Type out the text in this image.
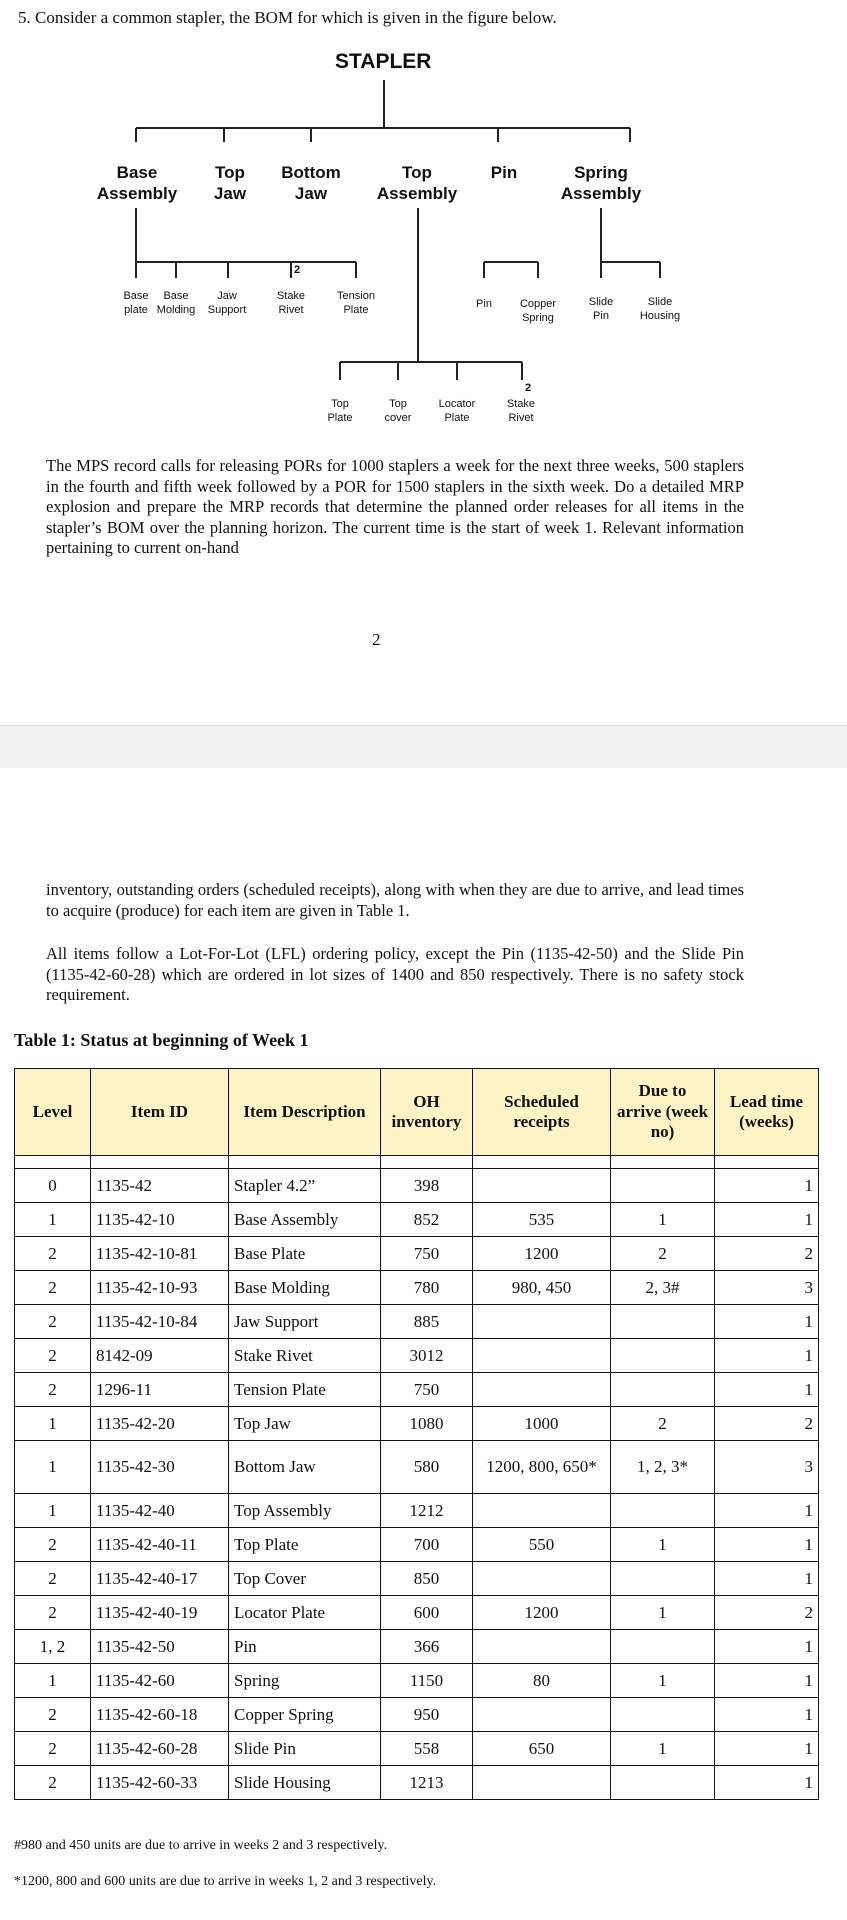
5. Consider a common stapler, the BOM for which is given in the figure below.
STAPLER
Base
Assembly
Top
Jaw
Bottom
Jaw
Top
Assembly
Pin	Spring
Assembly
Base
plate
Base
Molding
Jaw
Support
Stake
Rivet
Tension
Plate
2
Pin	Copper
Spring
Slide
Pin
Slide
Housing
Top
Plate
Top
cover
Locator
Plate
Stake
Rivet
2
The MPS record calls for releasing PORs for 1000 staplers a week for the next three weeks, 500 staplers in the fourth and fifth week followed by a POR for 1500 staplers in the sixth week. Do a detailed MRP explosion and prepare the MRP records that determine the planned order releases for all items in the stapler’s BOM over the planning horizon. The current time is the start of week 1. Relevant information pertaining to current on-hand
2
inventory, outstanding orders (scheduled receipts), along with when they are due to arrive, and lead times to acquire (produce) for each item are given in Table 1.
All items follow a Lot-For-Lot (LFL) ordering policy, except the Pin (1135-42-50) and the Slide Pin (1135-42-60-28) which are ordered in lot sizes of 1400 and 850 respectively. There is no safety stock requirement.
Table 1: Status at beginning of Week 1
Level	Item ID	Item Description	OH inventory	Scheduled receipts	Due to arrive (week no)	Lead time (weeks)

0	1135-42	Stapler 4.2”	398			1
1	1135-42-10	Base Assembly	852	535	1	1
2	1135-42-10-81	Base Plate	750	1200	2	2
2	1135-42-10-93	Base Molding	780	980, 450	2, 3#	3
2	1135-42-10-84	Jaw Support	885			1
2	8142-09	Stake Rivet	3012			1
2	1296-11	Tension Plate	750			1
1	1135-42-20	Top Jaw	1080	1000	2	2
1	1135-42-30	Bottom Jaw	580	1200, 800, 650*	1, 2, 3*	3
1	1135-42-40	Top Assembly	1212			1
2	1135-42-40-11	Top Plate	700	550	1	1
2	1135-42-40-17	Top Cover	850			1
2	1135-42-40-19	Locator Plate	600	1200	1	2
1, 2	1135-42-50	Pin	366			1
1	1135-42-60	Spring	1150	80	1	1
2	1135-42-60-18	Copper Spring	950			1
2	1135-42-60-28	Slide Pin	558	650	1	1
2	1135-42-60-33	Slide Housing	1213			1
#980 and 450 units are due to arrive in weeks 2 and 3 respectively.
*1200, 800 and 600 units are due to arrive in weeks 1, 2 and 3 respectively.
